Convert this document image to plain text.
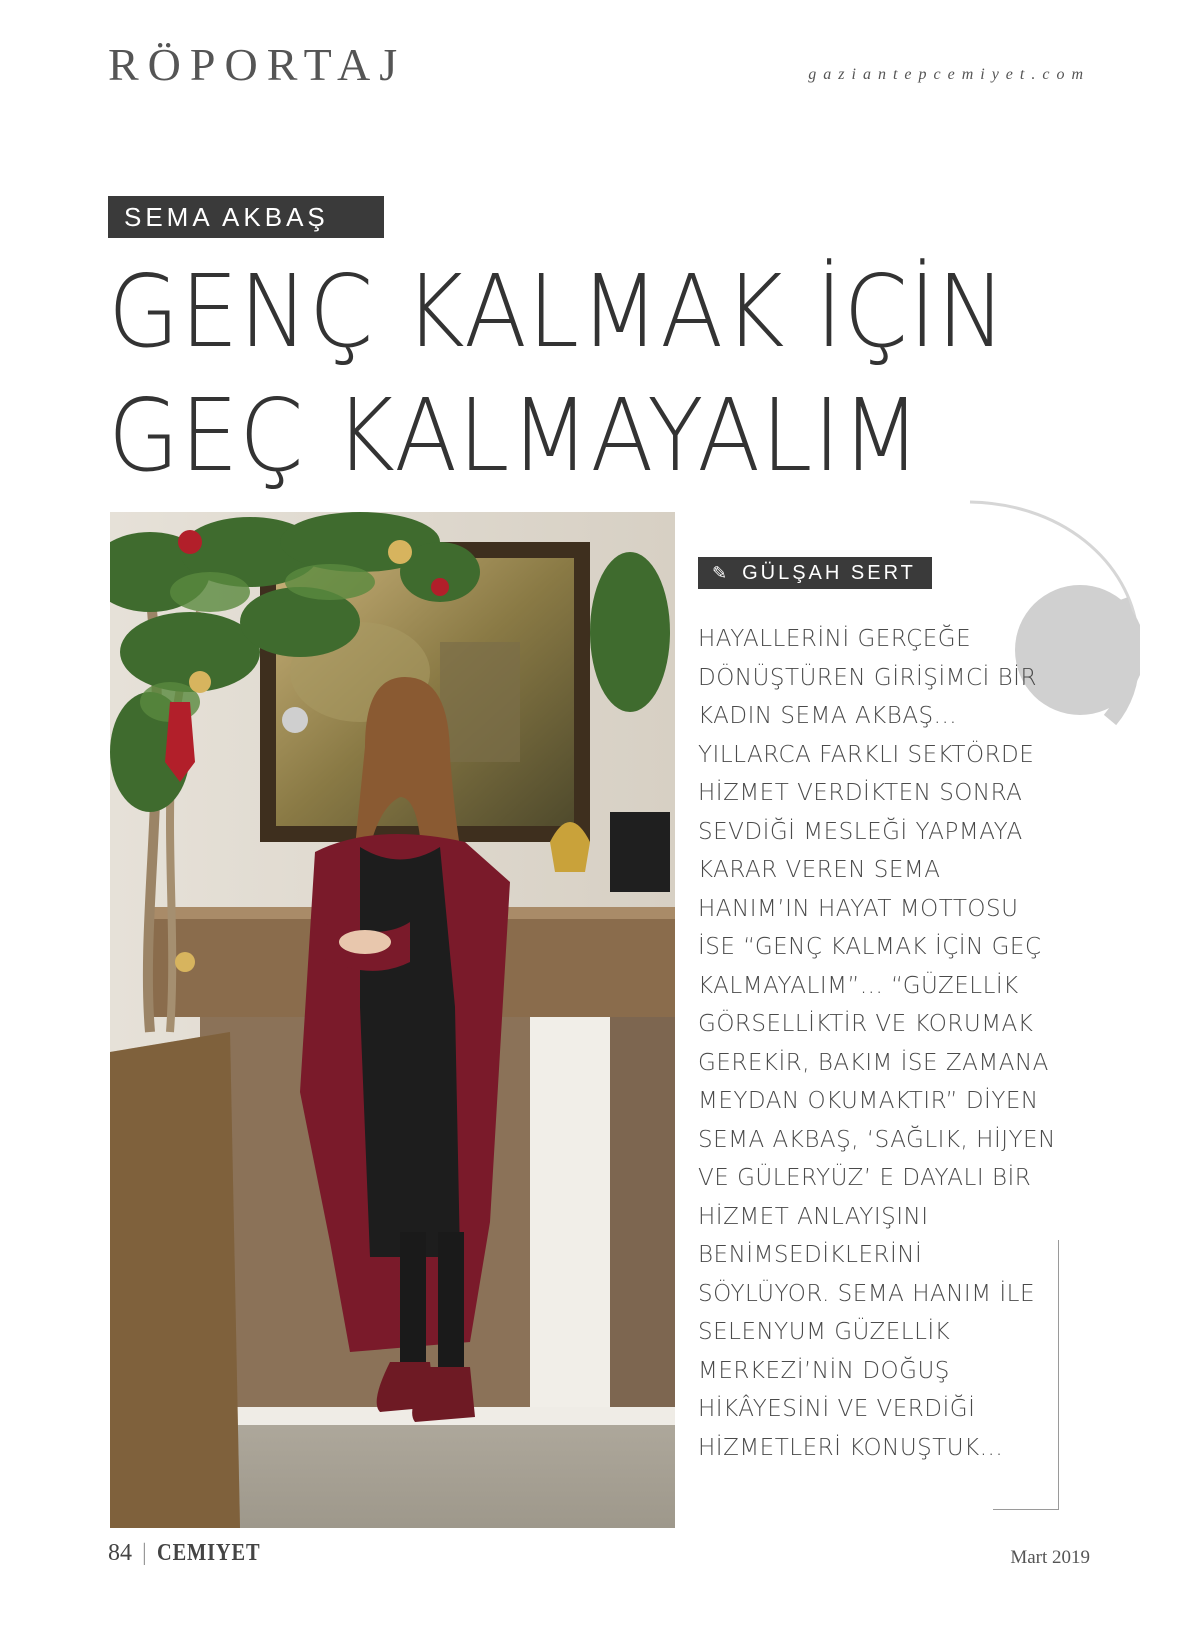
RÖPORTAJ	gaziantepcemiyet.com
SEMA AKBAŞ
GENÇ KALMAK İÇİN
GEÇ KALMAYALIM
✎ GÜLŞAH SERT
HAYALLERİNİ GERÇEĞE DÖNÜŞTÜREN GİRİŞİMCİ BİR KADIN SEMA AKBAŞ... YILLARCA FARKLI SEKTÖRDE HİZMET VERDİKTEN SONRA SEVDİĞİ MESLEĞİ YAPMAYA KARAR VEREN SEMA HANIM’IN HAYAT MOTTOSU İSE “GENÇ KALMAK İÇİN GEÇ KALMAYALIM”... “GÜZELLİK GÖRSELLİKTİR VE KORUMAK GEREKİR, BAKIM İSE ZAMANA MEYDAN OKUMAKTIR” DİYEN SEMA AKBAŞ, ‘SAĞLIK, HİJYEN VE GÜLERYÜZ’ E DAYALI BİR HİZMET ANLAYIŞINI BENİMSEDİKLERİNİ SÖYLÜYOR. SEMA HANIM İLE SELENYUM GÜZELLİK MERKEZİ’NİN DOĞUŞ HİKÂYESİNİ VE VERDİĞİ HİZMETLERİ KONUŞTUK...
84 | CEMIYET	Mart 2019
